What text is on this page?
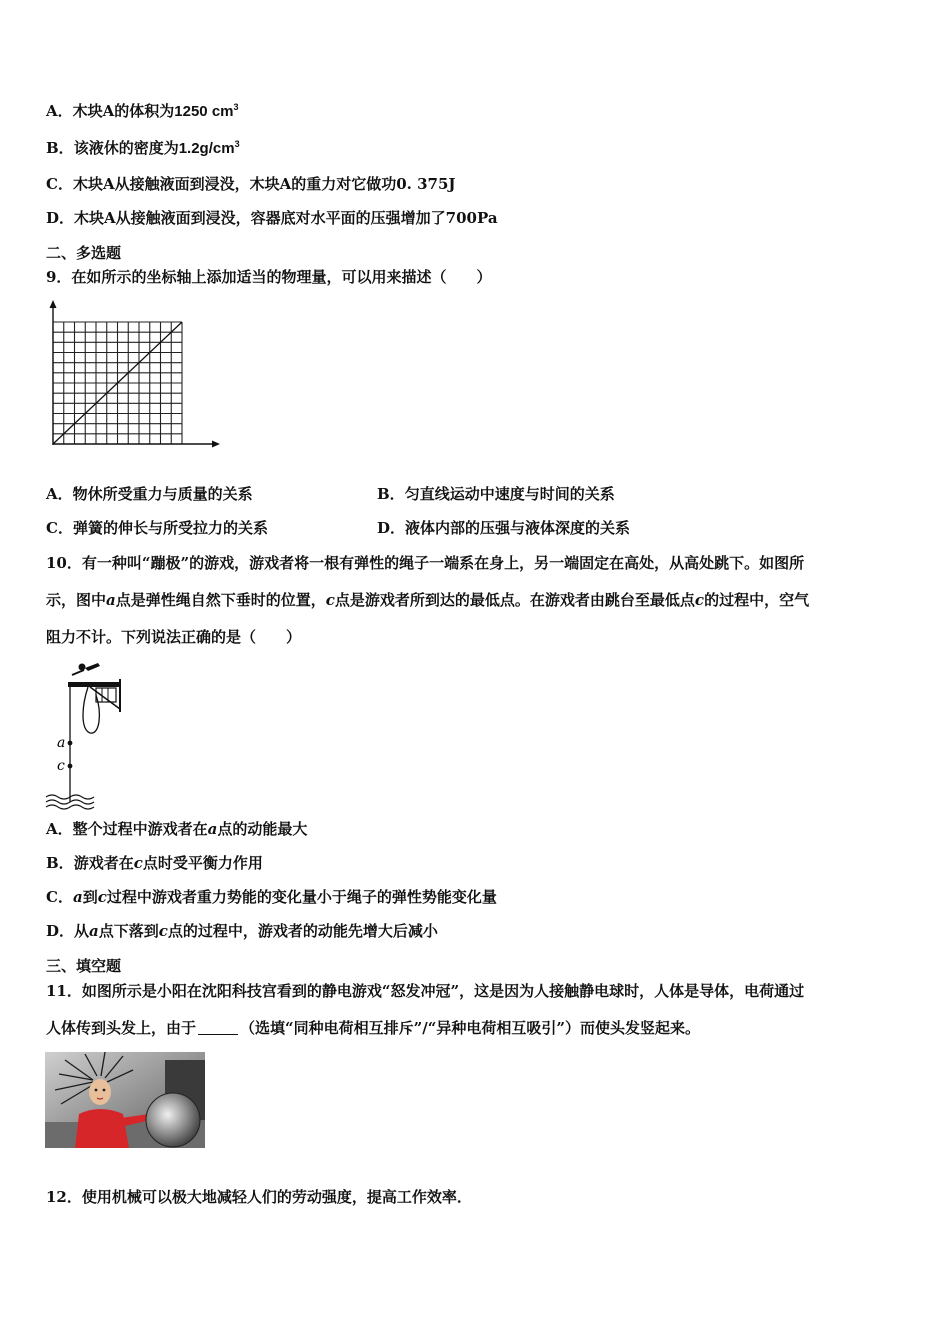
A．木块A的体积为1250 $cm^3$
B．该液休的密度为$1.2g/cm^3$
C．木块A从接触液面到浸没，木块A的重力对它做功0. 375J
D．木块A从接触液面到浸没，容器底对水平面的压强增加了700Pa
二、多选题
9．在如所示的坐标轴上添加适当的物理量，可以用来描述（　　）
A．物休所受重力与质量的关系	B．匀直线运动中速度与时间的关系
C．弹簧的伸长与所受拉力的关系	D．液体内部的压强与液体深度的关系
10．有一种叫“蹦极”的游戏，游戏者将一根有弹性的绳子一端系在身上，另一端固定在高处，从高处跳下。如图所
示，图中a点是弹性绳自然下垂时的位置，c点是游戏者所到达的最低点。在游戏者由跳台至最低点c的过程中，空气
阻力不计。下列说法正确的是（　　）
a
c
A．整个过程中游戏者在a点的动能最大
B．游戏者在c点时受平衡力作用
C．a到c过程中游戏者重力势能的变化量小于绳子的弹性势能变化量
D．从a点下落到c点的过程中，游戏者的动能先增大后减小
三、填空题
11．如图所示是小阳在沈阳科技宫看到的静电游戏“怒发冲冠”，这是因为人接触静电球时，人体是导体，电荷通过
人体传到头发上，由于	（选填“同种电荷相互排斥”/“异种电荷相互吸引”）而使头发竖起来。
12．使用机械可以极大地减轻人们的劳动强度，提高工作效率．
